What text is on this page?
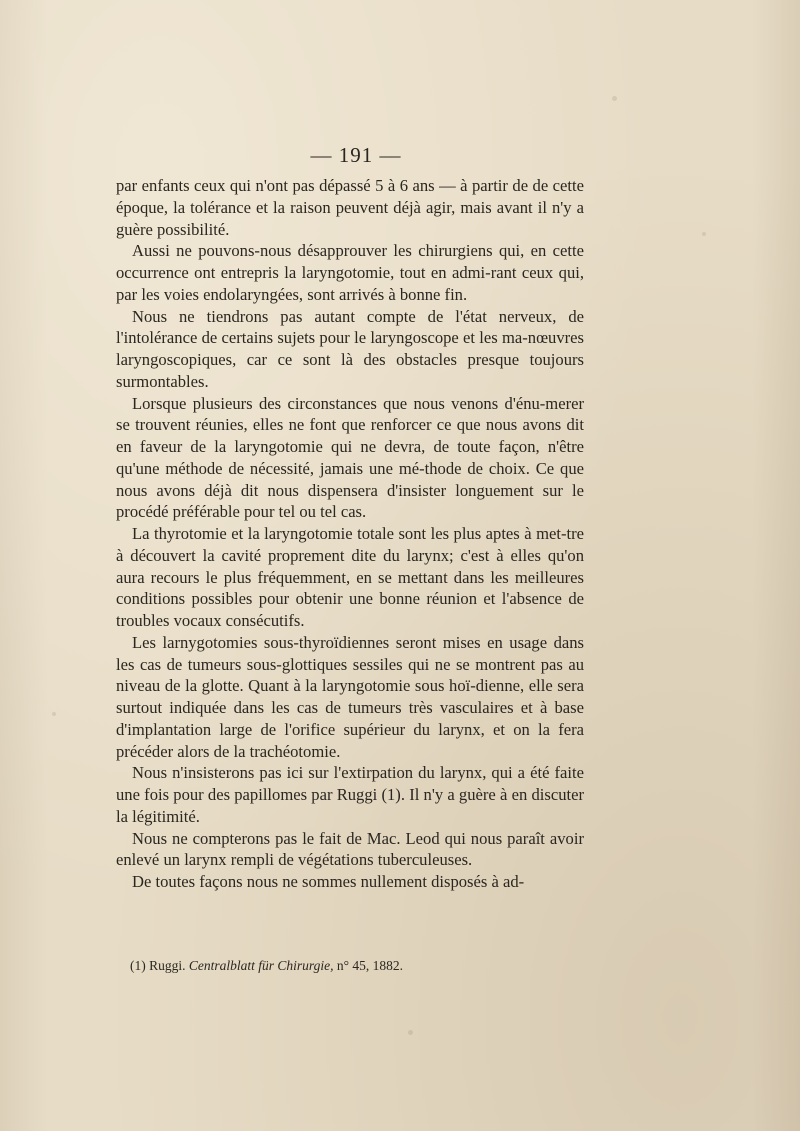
— 191 —

par enfants ceux qui n'ont pas dépassé 5 à 6 ans — à partir de de cette époque, la tolérance et la raison peuvent déjà agir, mais avant il n'y a guère possibilité.

Aussi ne pouvons-nous désapprouver les chirurgiens qui, en cette occurrence ont entrepris la laryngotomie, tout en admi-rant ceux qui, par les voies endolaryngées, sont arrivés à bonne fin.

Nous ne tiendrons pas autant compte de l'état nerveux, de l'intolérance de certains sujets pour le laryngoscope et les ma-nœuvres laryngoscopiques, car ce sont là des obstacles presque toujours surmontables.

Lorsque plusieurs des circonstances que nous venons d'énu-merer se trouvent réunies, elles ne font que renforcer ce que nous avons dit en faveur de la laryngotomie qui ne devra, de toute façon, n'être qu'une méthode de nécessité, jamais une mé-thode de choix. Ce que nous avons déjà dit nous dispensera d'insister longuement sur le procédé préférable pour tel ou tel cas.

La thyrotomie et la laryngotomie totale sont les plus aptes à met-tre à découvert la cavité proprement dite du larynx; c'est à elles qu'on aura recours le plus fréquemment, en se mettant dans les meilleures conditions possibles pour obtenir une bonne réunion et l'absence de troubles vocaux consécutifs.

Les larnygotomies sous-thyroïdiennes seront mises en usage dans les cas de tumeurs sous-glottiques sessiles qui ne se montrent pas au niveau de la glotte. Quant à la laryngotomie sous hoï-dienne, elle sera surtout indiquée dans les cas de tumeurs très vasculaires et à base d'implantation large de l'orifice supérieur du larynx, et on la fera précéder alors de la trachéotomie.

Nous n'insisterons pas ici sur l'extirpation du larynx, qui a été faite une fois pour des papillomes par Ruggi (1). Il n'y a guère à en discuter la légitimité.

Nous ne compterons pas le fait de Mac. Leod qui nous paraît avoir enlevé un larynx rempli de végétations tuberculeuses.

De toutes façons nous ne sommes nullement disposés à ad-

(1) Ruggi. Centralblatt für Chirurgie, n° 45, 1882.
